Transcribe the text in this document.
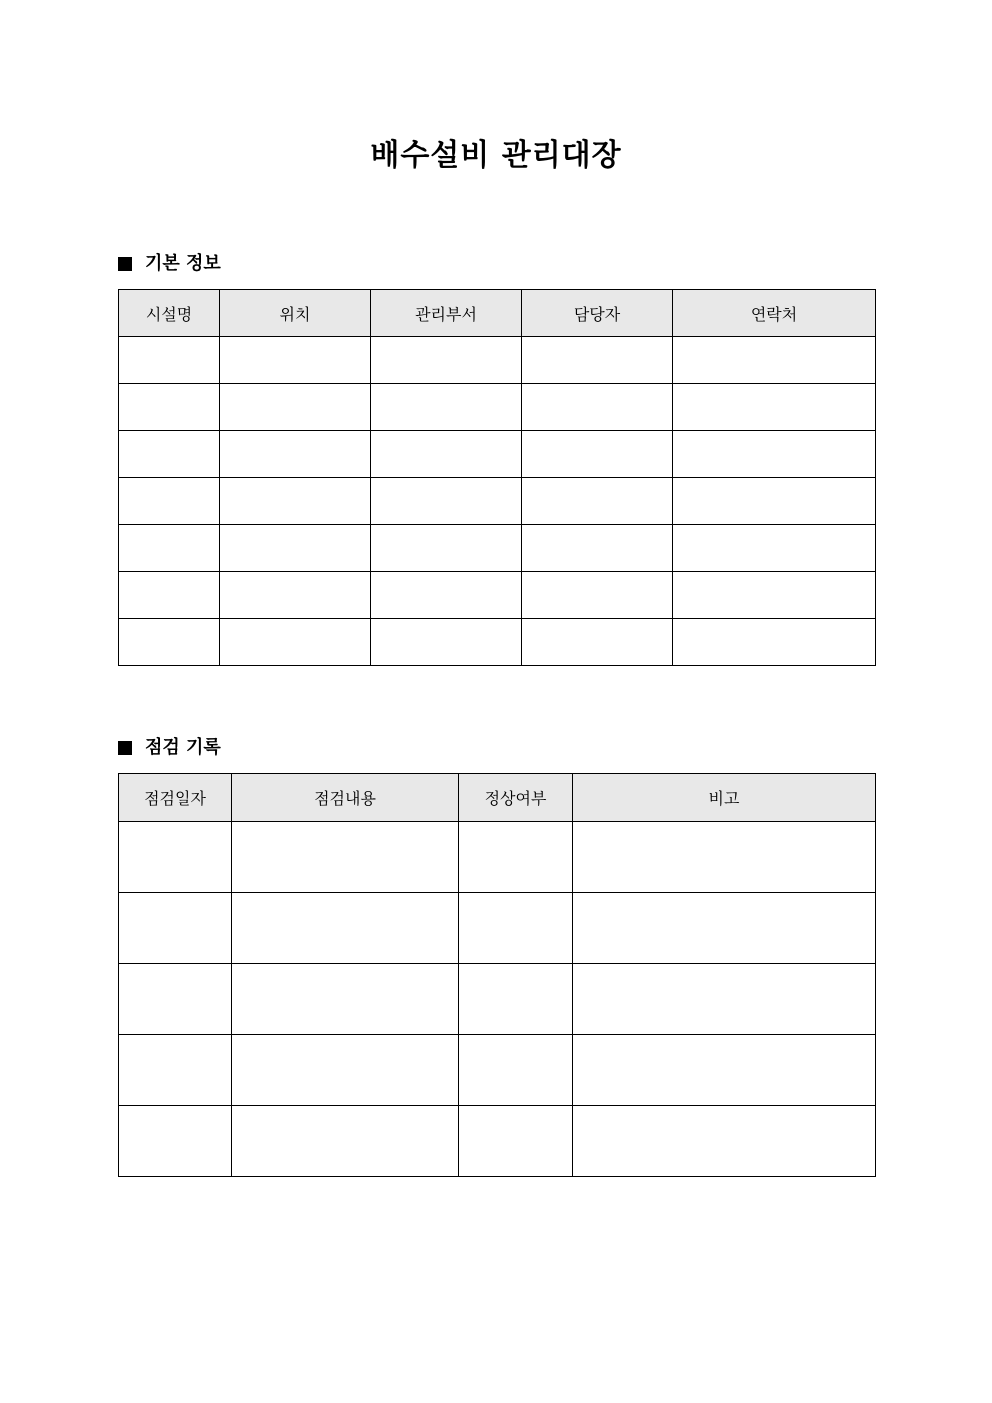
배수설비 관리대장
기본 정보
시설명	위치	관리부서	담당자	연락처

점검 기록
점검일자	점검내용	정상여부	비고
